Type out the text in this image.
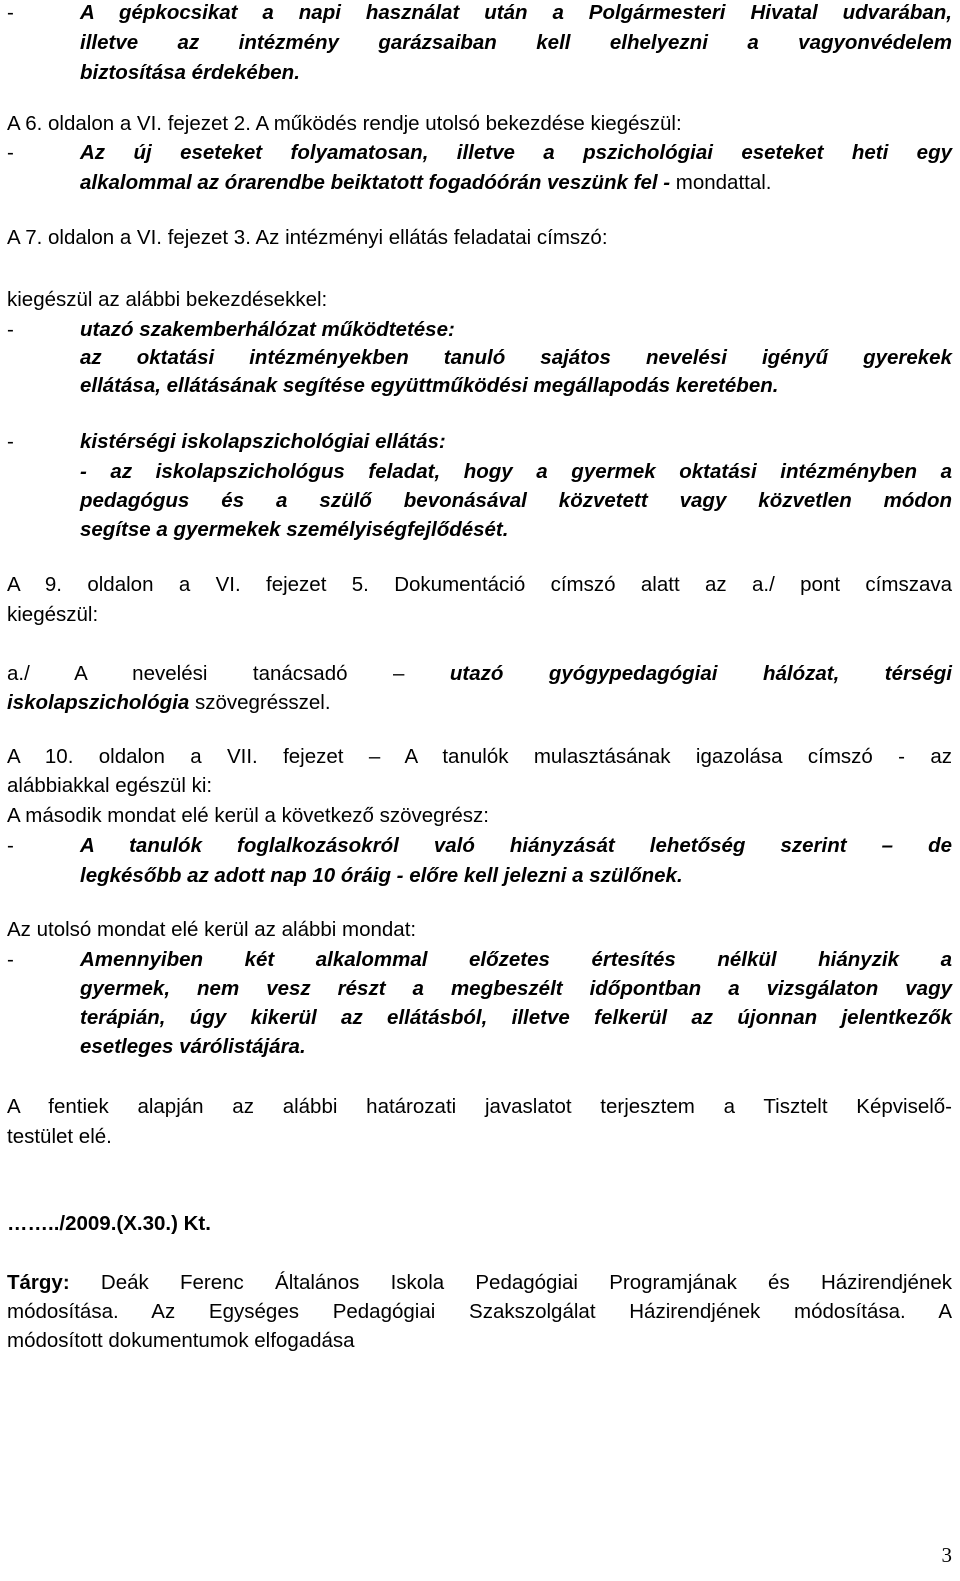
-	A gépkocsikat a napi használat után a Polgármesteri Hivatal udvarában,
illetve az intézmény garázsaiban kell elhelyezni a vagyonvédelem
biztosítása érdekében.
A 6. oldalon a VI. fejezet 2. A működés rendje utolsó bekezdése kiegészül:
-	Az új eseteket folyamatosan, illetve a pszichológiai eseteket heti egy
alkalommal az órarendbe beiktatott fogadóórán veszünk fel - mondattal.
A 7. oldalon a VI. fejezet 3. Az intézményi ellátás feladatai címszó:
kiegészül az alábbi bekezdésekkel:
-	utazó szakemberhálózat működtetése:
az oktatási intézményekben tanuló sajátos nevelési igényű gyerekek
ellátása, ellátásának segítése együttműködési megállapodás keretében.
-	kistérségi iskolapszichológiai ellátás:
- az iskolapszichológus feladat, hogy a gyermek oktatási intézményben a
pedagógus és a szülő bevonásával közvetett vagy közvetlen módon
segítse a gyermekek személyiségfejlődését.
A 9. oldalon a VI. fejezet 5. Dokumentáció címszó alatt az a./ pont címszava
kiegészül:
a./ A nevelési tanácsadó – utazó gyógypedagógiai hálózat, térségi
iskolapszichológia szövegrésszel.
A 10. oldalon a VII. fejezet – A tanulók mulasztásának igazolása címszó - az
alábbiakkal egészül ki:
A második mondat elé kerül a következő szövegrész:
-	A tanulók foglalkozásokról való hiányzását lehetőség szerint – de
legkésőbb az adott nap 10 óráig - előre kell jelezni a szülőnek.
Az utolsó mondat elé kerül az alábbi mondat:
-	Amennyiben két alkalommal előzetes értesítés nélkül hiányzik a
gyermek, nem vesz részt a megbeszélt időpontban a vizsgálaton vagy
terápián, úgy kikerül az ellátásból, illetve felkerül az újonnan jelentkezők
esetleges várólistájára.
A fentiek alapján az alábbi határozati javaslatot terjesztem a Tisztelt Képviselő-
testület elé.
……../2009.(X.30.) Kt.
Tárgy: Deák Ferenc Általános Iskola Pedagógiai Programjának és Házirendjének
módosítása. Az Egységes Pedagógiai Szakszolgálat Házirendjének módosítása. A
módosított dokumentumok elfogadása
3
